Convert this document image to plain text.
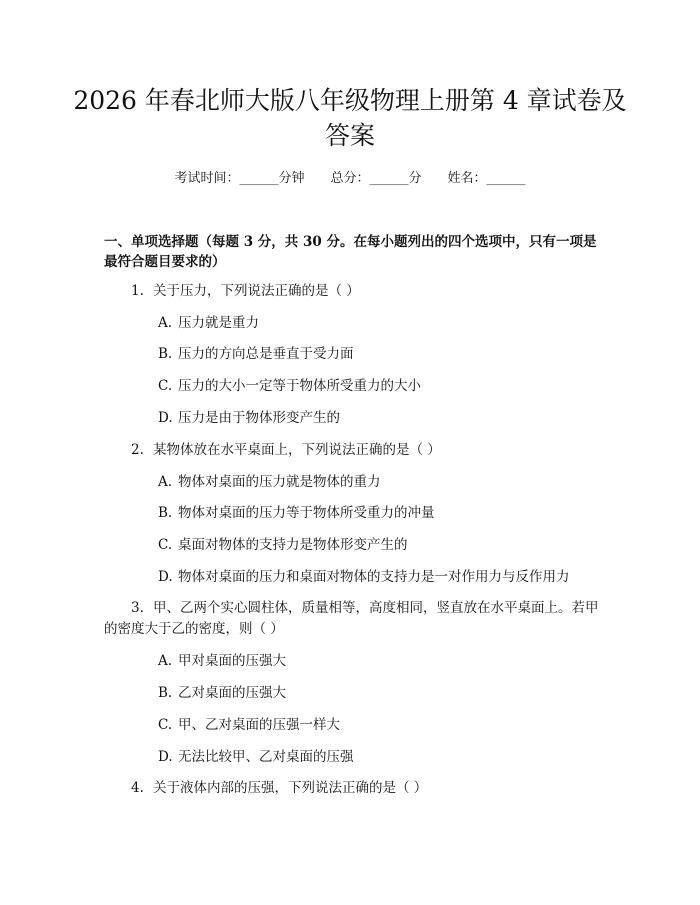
2026 年春北师大版八年级物理上册第 4 章试卷及答案
考试时间：______分钟　　总分：______分　　姓名：______
一、单项选择题（每题 3 分，共 30 分。在每小题列出的四个选项中，只有一项是最符合题目要求的）
1. 关于压力，下列说法正确的是（ ）
A. 压力就是重力
B. 压力的方向总是垂直于受力面
C. 压力的大小一定等于物体所受重力的大小
D. 压力是由于物体形变产生的
2. 某物体放在水平桌面上，下列说法正确的是（ ）
A. 物体对桌面的压力就是物体的重力
B. 物体对桌面的压力等于物体所受重力的冲量
C. 桌面对物体的支持力是物体形变产生的
D. 物体对桌面的压力和桌面对物体的支持力是一对作用力与反作用力
3. 甲、乙两个实心圆柱体，质量相等，高度相同，竖直放在水平桌面上。若甲的密度大于乙的密度，则（ ）
A. 甲对桌面的压强大
B. 乙对桌面的压强大
C. 甲、乙对桌面的压强一样大
D. 无法比较甲、乙对桌面的压强
4. 关于液体内部的压强，下列说法正确的是（ ）
